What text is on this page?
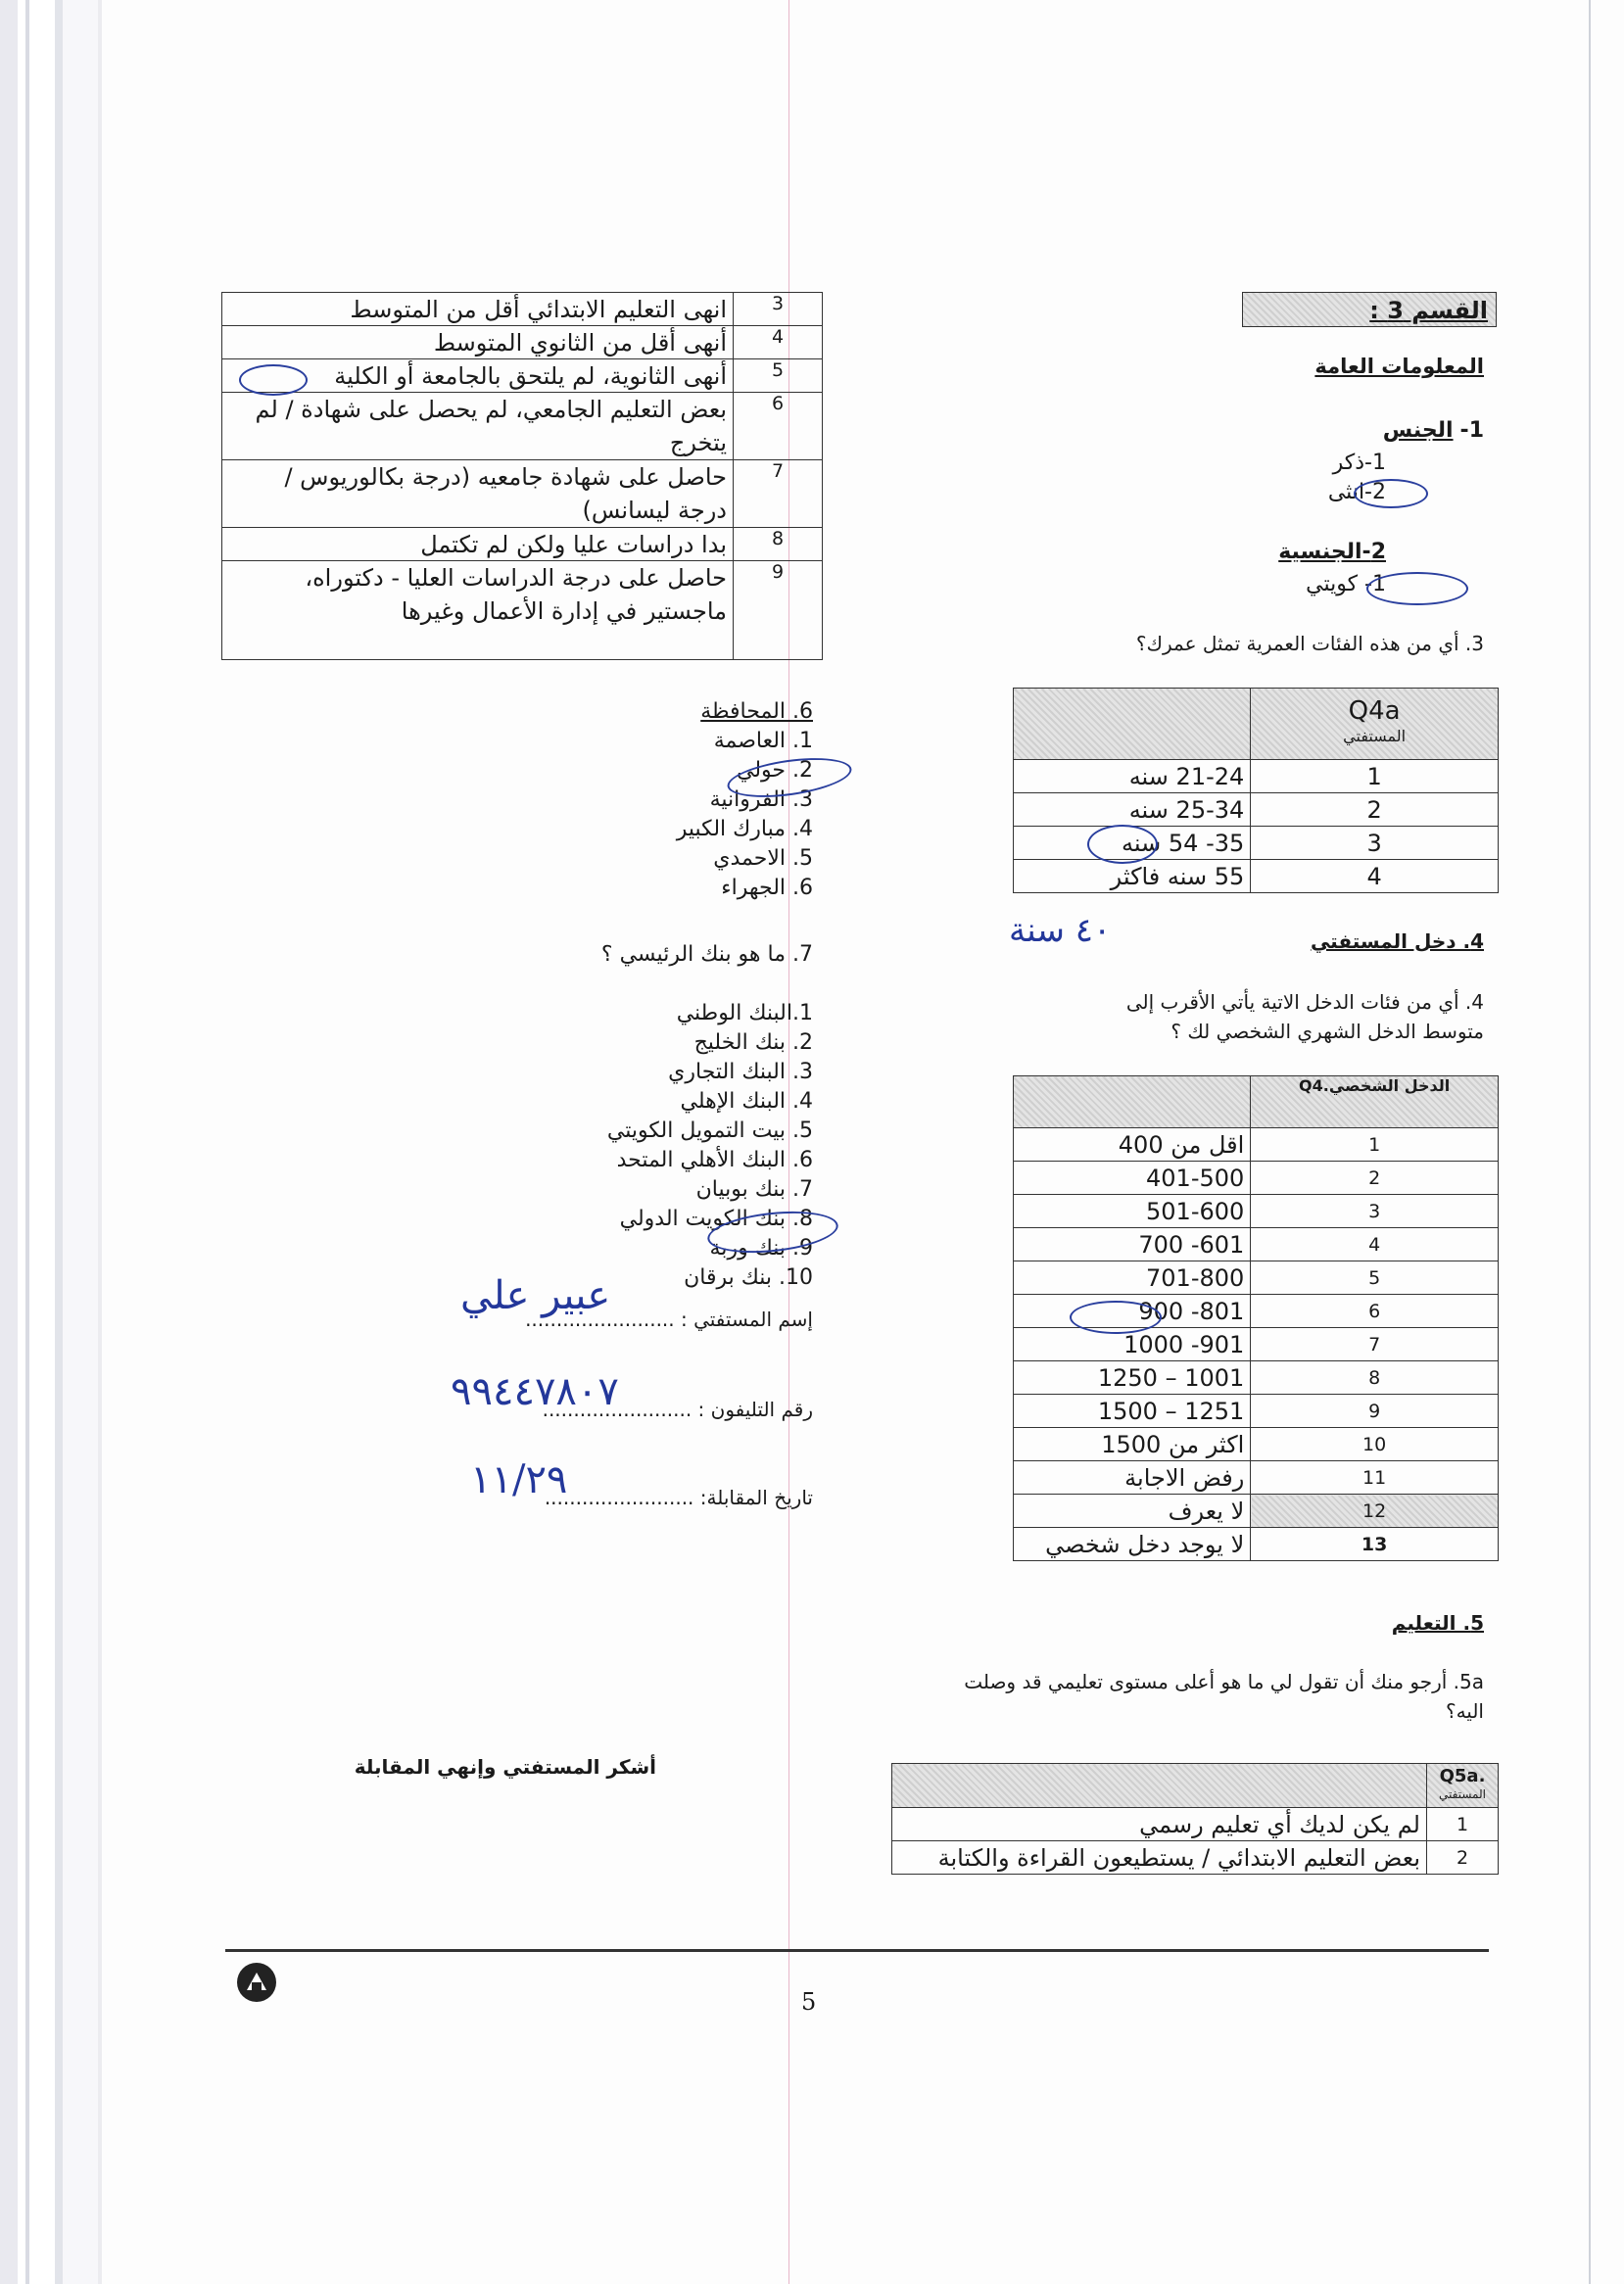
القسم 3 :
المعلومات العامة
1- الجنس
1-ذكر
2-انثى
2-الجنسية
1- كويتي
3. أي من هذه الفئات العمرية تمثل عمرك؟

	Q4a
المستفتي

21-24 سنه	1
25-34 سنه	2
35- 54 سنه	3
55 سنه فاكثر	4
٤٠ سنة	4. دخل المستفتي
4. أي من فئات الدخل الاتية يأتي الأقرب إلى
متوسط الدخل الشهري الشخصي لك ؟
	Q4.الدخل الشخصي
اقل من 400	1
401-500	2
501-600	3
601- 700	4
701-800	5
801- 900	6
901- 1000	7
1001 – 1250	8
1251 – 1500	9
اكثر من 1500	10
رفض الاجابة	11
لا يعرف	12
لا يوجد دخل شخصي	13
5. التعليم
5a. أرجو منك أن تقول لي ما هو أعلى مستوى تعليمي قد وصلت
اليه؟

	Q5a.
المستفتي

لم يكن لديك أي تعليم رسمي	1
بعض التعليم الابتدائي / يستطيعون القراءة والكتابة	2
انهى التعليم الابتدائي أقل من المتوسط	3
أنهى أقل من الثانوي المتوسط	4
أنهى الثانوية، لم يلتحق بالجامعة أو الكلية	5
بعض التعليم الجامعي، لم يحصل على شهادة / لم يتخرج	6
حاصل على شهادة جامعيه (درجة بكالوريوس / درجة ليسانس)	7
بدا دراسات عليا ولكن لم تكتمل	8
حاصل على درجة الدراسات العليا - دكتوراه، ماجستير في إدارة الأعمال وغيرها	9
6. المحافظة
1. العاصمة
2. حولي
3. الفروانية
4. مبارك الكبير
5. الاحمدي
6. الجهراء
7. ما هو بنك الرئيسي ؟
1.البنك الوطني
2. بنك الخليج
3. البنك التجاري
4. البنك الإهلي
5. بيت التمويل الكويتي
6. البنك الأهلي المتحد
7. بنك بوبيان
8. بنك الكويت الدولي
9. بنك وربة
10. بنك برقان
إسم المستفتي : ........................
عبير علي
رقم التليفون : ........................
٩٩٤٤٧٨٠٧
تاريخ المقابلة: ........................
١١/٢٩
أشكر المستفتي وإنهي المقابلة
5
